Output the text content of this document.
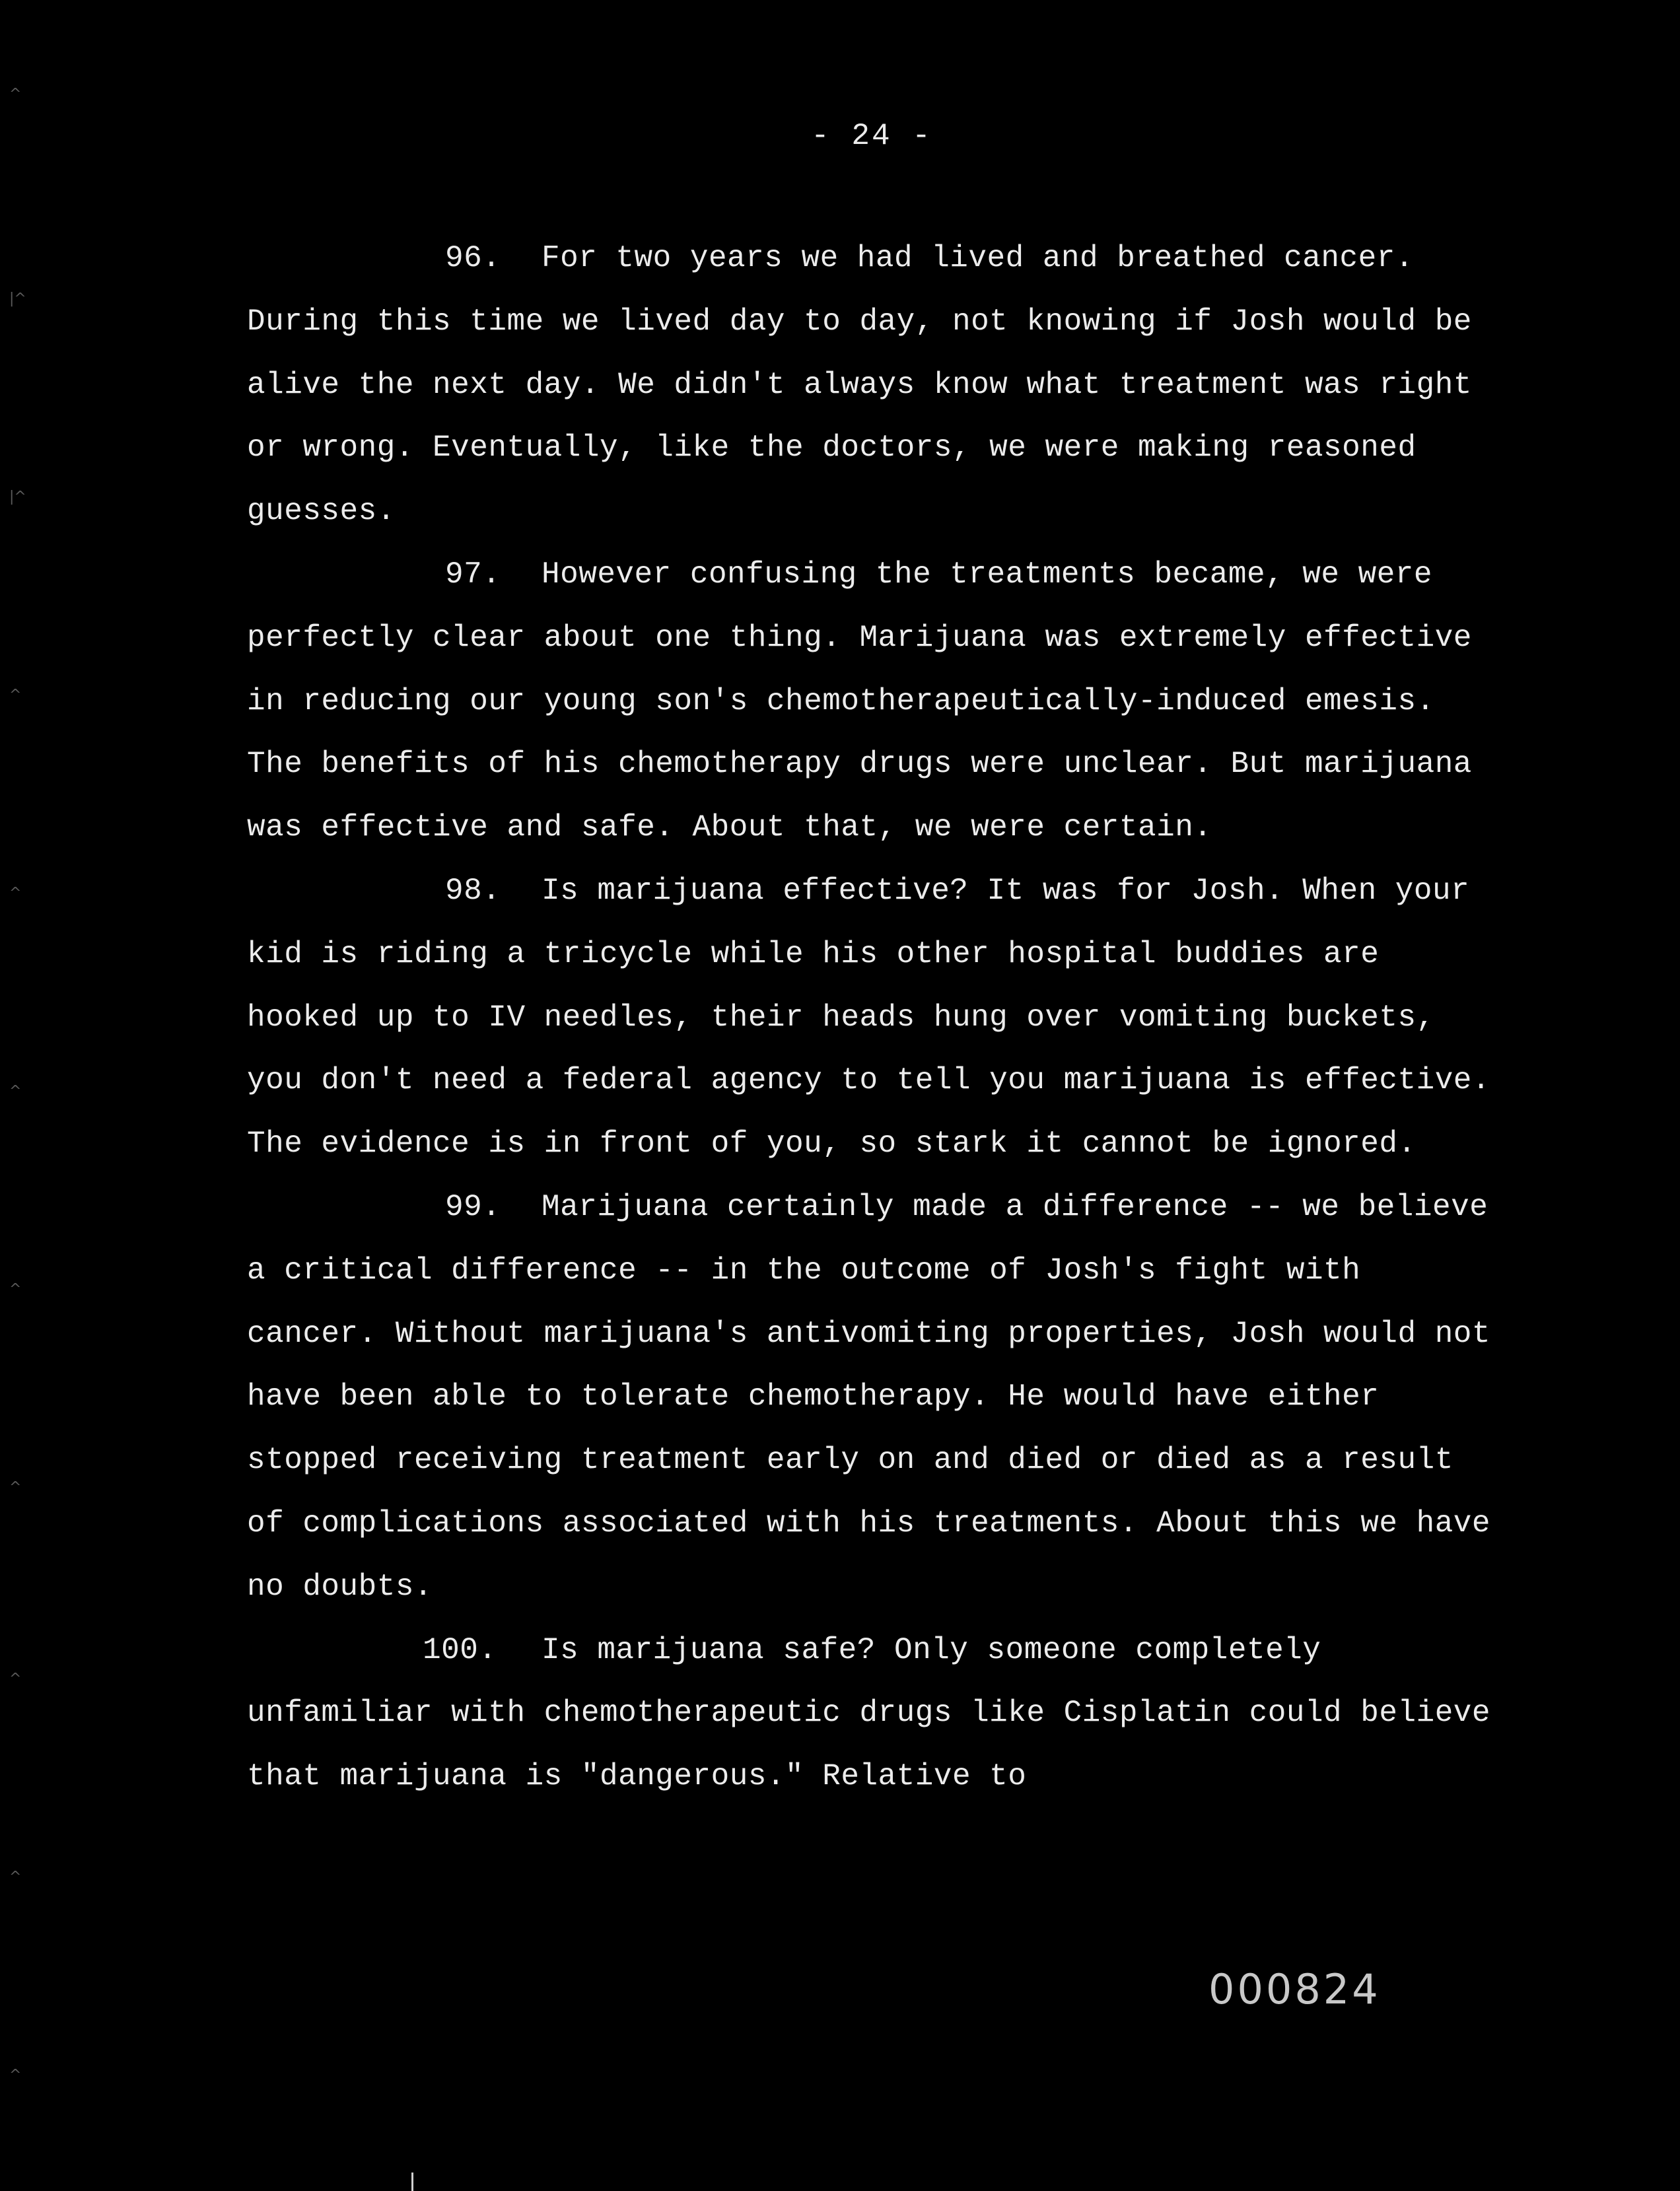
- 24 -

96. For two years we had lived and breathed cancer. During this time we lived day to day, not knowing if Josh would be alive the next day. We didn't always know what treatment was right or wrong. Eventually, like the doctors, we were making reasoned guesses.

97. However confusing the treatments became, we were perfectly clear about one thing. Marijuana was extremely effective in reducing our young son's chemotherapeutically-induced emesis. The benefits of his chemotherapy drugs were unclear. But marijuana was effective and safe. About that, we were certain.

98. Is marijuana effective? It was for Josh. When your kid is riding a tricycle while his other hospital buddies are hooked up to IV needles, their heads hung over vomiting buckets, you don't need a federal agency to tell you marijuana is effective. The evidence is in front of you, so stark it cannot be ignored.

99. Marijuana certainly made a difference -- we believe a critical difference -- in the outcome of Josh's fight with cancer. Without marijuana's antivomiting properties, Josh would not have been able to tolerate chemotherapy. He would have either stopped receiving treatment early on and died or died as a result of complications associated with his treatments. About this we have no doubts.

100. Is marijuana safe? Only someone completely unfamiliar with chemotherapeutic drugs like Cisplatin could believe that marijuana is "dangerous." Relative to

000824
^
|^
|^
^
^
^
^
^
^
^
^
